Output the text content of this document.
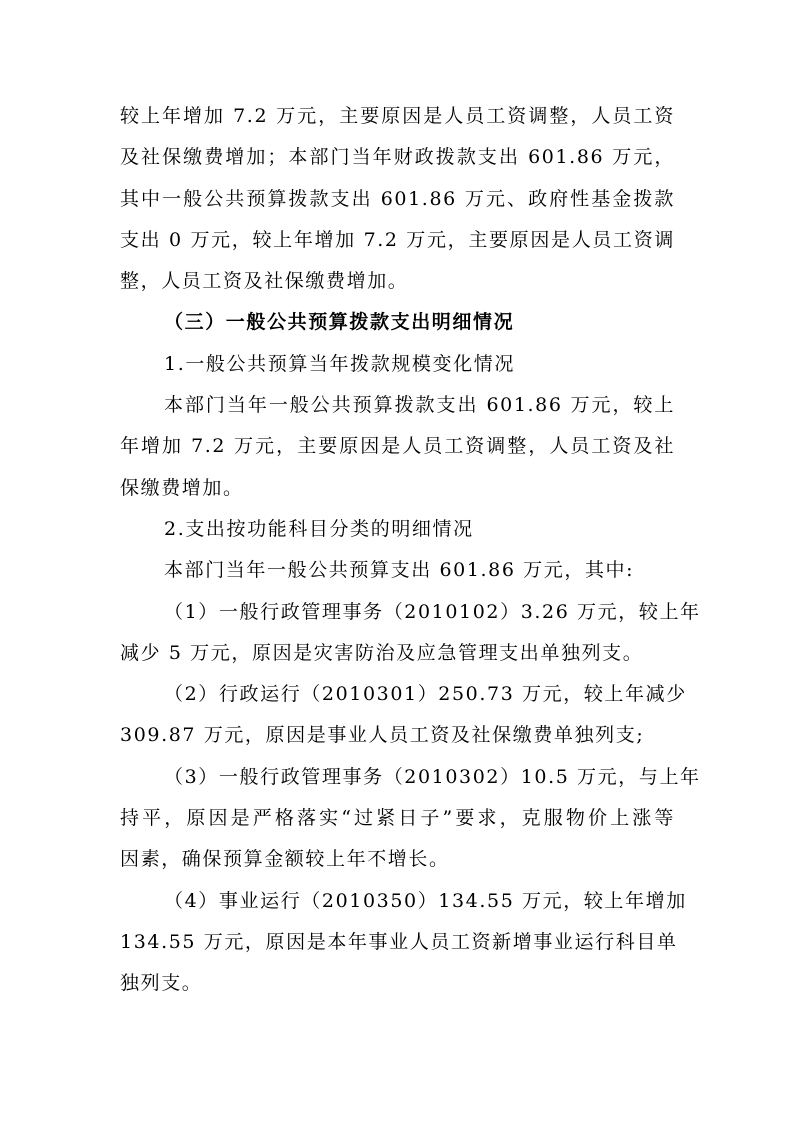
较上年增加 7.2 万元，主要原因是人员工资调整，人员工资
及社保缴费增加；本部门当年财政拨款支出 601.86 万元，
其中一般公共预算拨款支出 601.86 万元、政府性基金拨款
支出 0 万元，较上年增加 7.2 万元，主要原因是人员工资调
整，人员工资及社保缴费增加。
（三）一般公共预算拨款支出明细情况
1.一般公共预算当年拨款规模变化情况
本部门当年一般公共预算拨款支出 601.86 万元，较上
年增加 7.2 万元，主要原因是人员工资调整，人员工资及社
保缴费增加。
2.支出按功能科目分类的明细情况
本部门当年一般公共预算支出 601.86 万元，其中:
（1）一般行政管理事务（2010102）3.26 万元，较上年
减少 5 万元，原因是灾害防治及应急管理支出单独列支。
（2）行政运行（2010301）250.73 万元，较上年减少
309.87 万元，原因是事业人员工资及社保缴费单独列支;
（3）一般行政管理事务（2010302）10.5 万元，与上年
持平，原因是严格落实“过紧日子”要求，克服物价上涨等
因素，确保预算金额较上年不增长。
（4）事业运行（2010350）134.55 万元，较上年增加
134.55 万元，原因是本年事业人员工资新增事业运行科目单
独列支。
